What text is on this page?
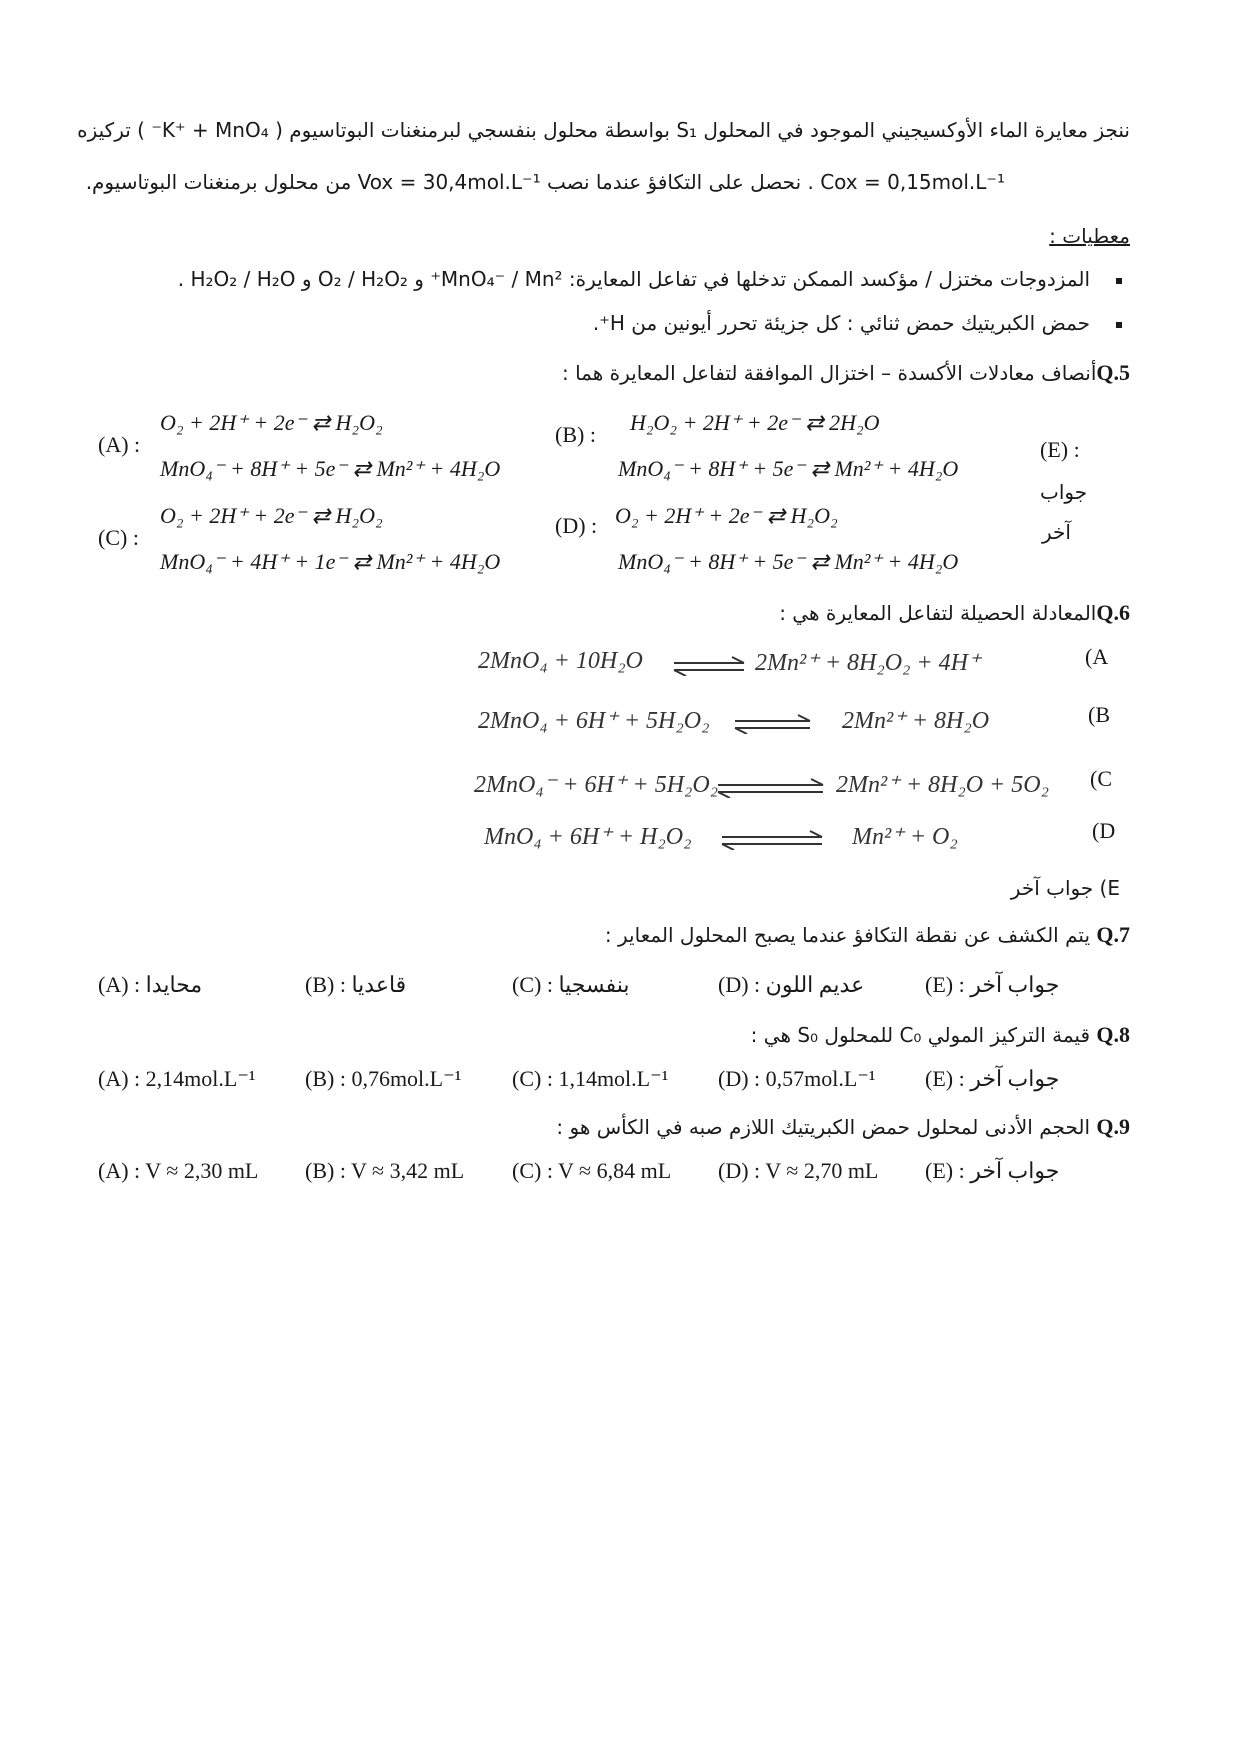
ننجز معايرة الماء الأوكسيجيني الموجود في المحلول S₁ بواسطة محلول بنفسجي لبرمنغنات البوتاسيوم ( K⁺ + MnO₄⁻ ) تركيزه
Cox = 0,15mol.L⁻¹ . نحصل على التكافؤ عندما نصب Vox = 30,4mol.L⁻¹ من محلول برمنغنات البوتاسيوم.
معطيات :
المزدوجات مختزل / مؤكسد الممكن تدخلها في تفاعل المعايرة: MnO₄⁻ / Mn²⁺ و O₂ / H₂O₂ و H₂O₂ / H₂O .
حمض الكبريتيك حمض ثنائي : كل جزيئة تحرر أيونين من H⁺.
Q.5أنصاف معادلات الأكسدة – اختزال الموافقة لتفاعل المعايرة هما :
(A) :
O₂ + 2H⁺ + 2e⁻ ⇄ H₂O₂
MnO₄⁻ + 8H⁺ + 5e⁻ ⇄ Mn²⁺ + 4H₂O
(B) : H₂O₂ + 2H⁺ + 2e⁻ ⇄ 2H₂O
MnO₄⁻ + 8H⁺ + 5e⁻ ⇄ Mn²⁺ + 4H₂O
(C) :
O₂ + 2H⁺ + 2e⁻ ⇄ H₂O₂
MnO₄⁻ + 4H⁺ + 1e⁻ ⇄ Mn²⁺ + 4H₂O
(D) : O₂ + 2H⁺ + 2e⁻ ⇄ H₂O₂
MnO₄⁻ + 8H⁺ + 5e⁻ ⇄ Mn²⁺ + 4H₂O
(E) :
جواب
آخر
Q.6المعادلة الحصيلة لتفاعل المعايرة هي :
2MnO₄ + 10H₂O	2Mn²⁺ + 8H₂O₂ + 4H⁺	(A
2MnO₄ + 6H⁺ + 5H₂O₂	2Mn²⁺ + 8H₂O	(B
2MnO₄⁻ + 6H⁺ + 5H₂O₂	2Mn²⁺ + 8H₂O + 5O₂ (C
MnO₄ + 6H⁺ + H₂O₂	Mn²⁺ + O₂	(D
E) جواب آخر
Q.7 يتم الكشف عن نقطة التكافؤ عندما يصبح المحلول المعاير :
(A) : محايدا	(B) : قاعديا	(C) : بنفسجيا	(D) : عديم اللون	(E) : جواب آخر
Q.8 قيمة التركيز المولي C₀ للمحلول S₀ هي :
(A) : 2,14mol.L⁻¹ (B) : 0,76mol.L⁻¹ (C) : 1,14mol.L⁻¹ (D) : 0,57mol.L⁻¹ (E) : جواب آخر
Q.9 الحجم الأدنى لمحلول حمض الكبريتيك اللازم صبه في الكأس هو :
(A) : V ≈ 2,30 mL (B) : V ≈ 3,42 mL (C) : V ≈ 6,84 mL (D) : V ≈ 2,70 mL (E) : جواب آخر
